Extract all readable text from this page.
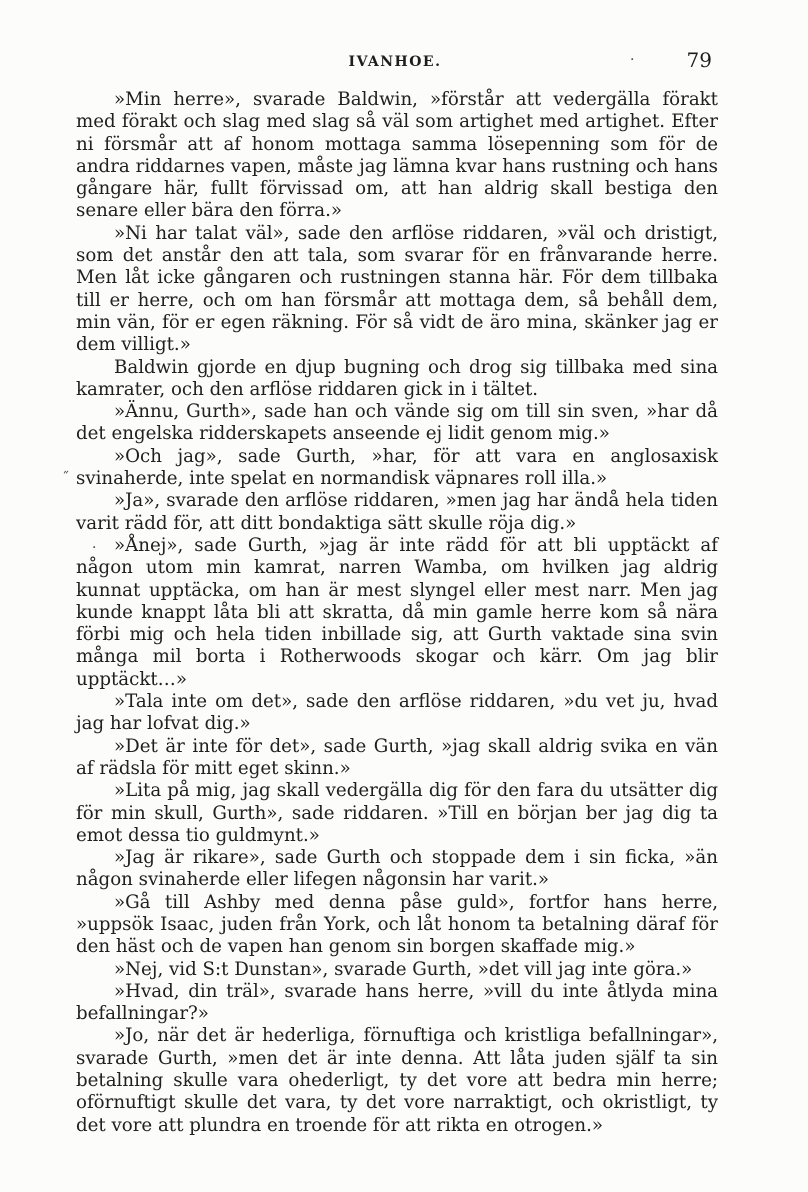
IVANHOE.	79

»Min herre», svarade Baldwin, »förstår att vedergälla förakt med förakt och slag med slag så väl som artighet med artighet. Efter ni försmår att af honom mottaga samma lösepenning som för de andra riddarnes vapen, måste jag lämna kvar hans rustning och hans gångare här, fullt förvissad om, att han aldrig skall bestiga den senare eller bära den förra.»

»Ni har talat väl», sade den arflöse riddaren, »väl och dristigt, som det anstår den att tala, som svarar för en frånvarande herre. Men låt icke gångaren och rustningen stanna här. För dem tillbaka till er herre, och om han försmår att mottaga dem, så behåll dem, min vän, för er egen räkning. För så vidt de äro mina, skänker jag er dem villigt.»

Baldwin gjorde en djup bugning och drog sig tillbaka med sina kamrater, och den arflöse riddaren gick in i tältet.

»Ännu, Gurth», sade han och vände sig om till sin sven, »har då det engelska ridderskapets anseende ej lidit genom mig.»

»Och jag», sade Gurth, »har, för att vara en anglosaxisk svinaherde, inte spelat en normandisk väpnares roll illa.»

»Ja», svarade den arflöse riddaren, »men jag har ändå hela tiden varit rädd för, att ditt bondaktiga sätt skulle röja dig.»

»Ånej», sade Gurth, »jag är inte rädd för att bli upptäckt af någon utom min kamrat, narren Wamba, om hvilken jag aldrig kunnat upptäcka, om han är mest slyngel eller mest narr. Men jag kunde knappt låta bli att skratta, då min gamle herre kom så nära förbi mig och hela tiden inbillade sig, att Gurth vaktade sina svin många mil borta i Rotherwoods skogar och kärr. Om jag blir upptäckt…»

»Tala inte om det», sade den arflöse riddaren, »du vet ju, hvad jag har lofvat dig.»

»Det är inte för det», sade Gurth, »jag skall aldrig svika en vän af rädsla för mitt eget skinn.»

»Lita på mig, jag skall vedergälla dig för den fara du utsätter dig för min skull, Gurth», sade riddaren. »Till en början ber jag dig ta emot dessa tio guldmynt.»

»Jag är rikare», sade Gurth och stoppade dem i sin ficka, »än någon svinaherde eller lifegen någonsin har varit.»

»Gå till Ashby med denna påse guld», fortfor hans herre, »uppsök Isaac, juden från York, och låt honom ta betalning däraf för den häst och de vapen han genom sin borgen skaffade mig.»

»Nej, vid S:t Dunstan», svarade Gurth, »det vill jag inte göra.»

»Hvad, din träl», svarade hans herre, »vill du inte åtlyda mina befallningar?»

»Jo, när det är hederliga, förnuftiga och kristliga befallningar», svarade Gurth, »men det är inte denna. Att låta juden själf ta sin betalning skulle vara ohederligt, ty det vore att bedra min herre; oförnuftigt skulle det vara, ty det vore narraktigt, och okristligt, ty det vore att plundra en troende för att rikta en otrogen.»

·
˝
·
